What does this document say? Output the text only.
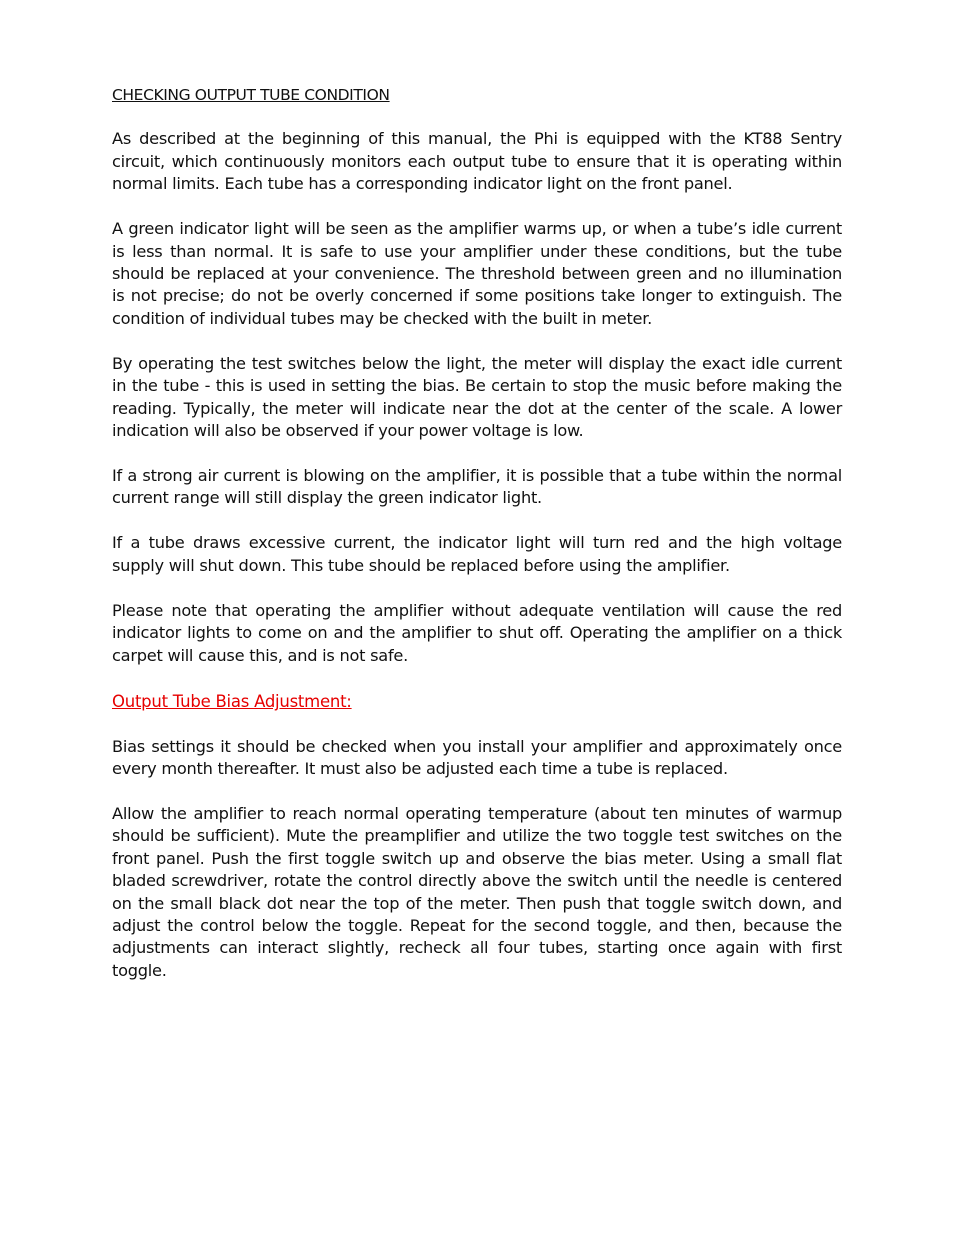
CHECKING OUTPUT TUBE CONDITION

As described at the beginning of this manual, the Phi is equipped with the KT88 Sentry circuit, which continuously monitors each output tube to ensure that it is operating within normal limits. Each tube has a corresponding indicator light on the front panel.

A green indicator light will be seen as the amplifier warms up, or when a tube’s idle current is less than normal. It is safe to use your amplifier under these conditions, but the tube should be replaced at your convenience. The threshold between green and no illumination is not precise; do not be overly concerned if some positions take longer to extinguish. The condition of individual tubes may be checked with the built in meter.

By operating the test switches below the light, the meter will display the exact idle current in the tube - this is used in setting the bias. Be certain to stop the music before making the reading. Typically, the meter will indicate near the dot at the center of the scale. A lower indication will also be observed if your power voltage is low.

If a strong air current is blowing on the amplifier, it is possible that a tube within the normal current range will still display the green indicator light.

If a tube draws excessive current, the indicator light will turn red and the high voltage supply will shut down. This tube should be replaced before using the amplifier.

Please note that operating the amplifier without adequate ventilation will cause the red indicator lights to come on and the amplifier to shut off. Operating the amplifier on a thick carpet will cause this, and is not safe.

Output Tube Bias Adjustment:

Bias settings it should be checked when you install your amplifier and approximately once every month thereafter. It must also be adjusted each time a tube is replaced.

Allow the amplifier to reach normal operating temperature (about ten minutes of warmup should be sufficient). Mute the preamplifier and utilize the two toggle test switches on the front panel. Push the first toggle switch up and observe the bias meter. Using a small flat bladed screwdriver, rotate the control directly above the switch until the needle is centered on the small black dot near the top of the meter. Then push that toggle switch down, and adjust the control below the toggle. Repeat for the second toggle, and then, because the adjustments can interact slightly, recheck all four tubes, starting once again with first toggle.
